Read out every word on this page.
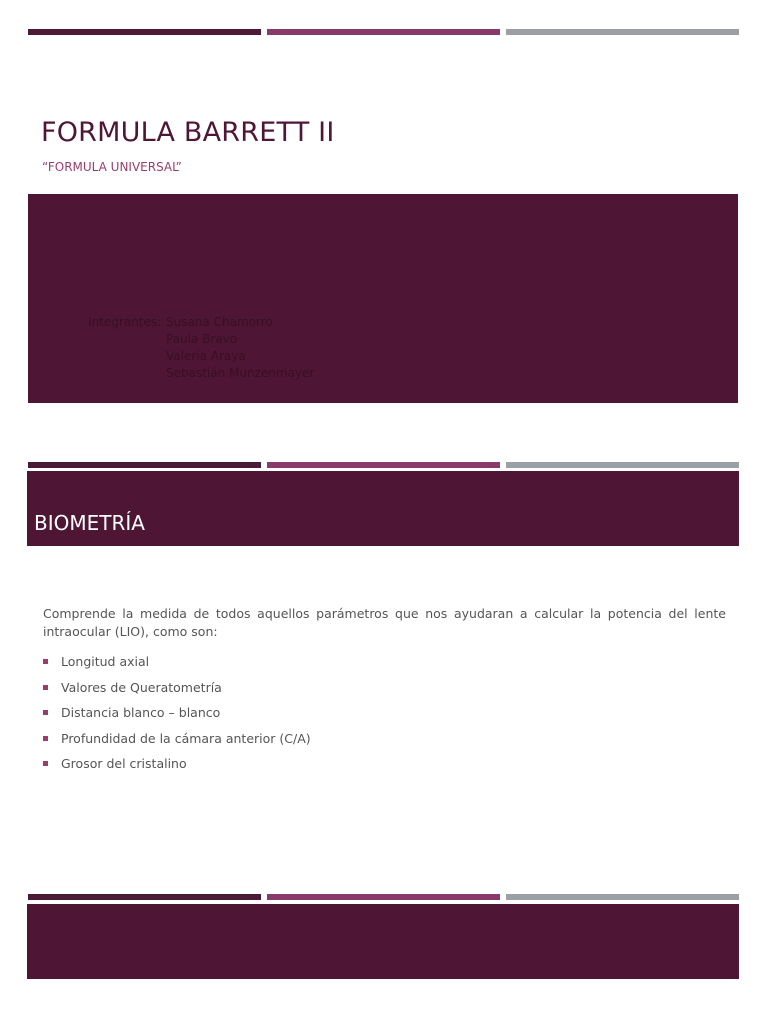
FORMULA BARRETT II
“FORMULA UNIVERSAL”
Integrantes: Susana Chamorro
Paula Bravo
Valeria Araya
Sebastián Munzenmayer
BIOMETRÍA

Comprende la medida de todos aquellos parámetros que nos ayudaran a calcular la potencia del lente intraocular (LIO), como son:

Longitud axial
Valores de Queratometría
Distancia blanco – blanco
Profundidad de la cámara anterior (C/A)
Grosor del cristalino
